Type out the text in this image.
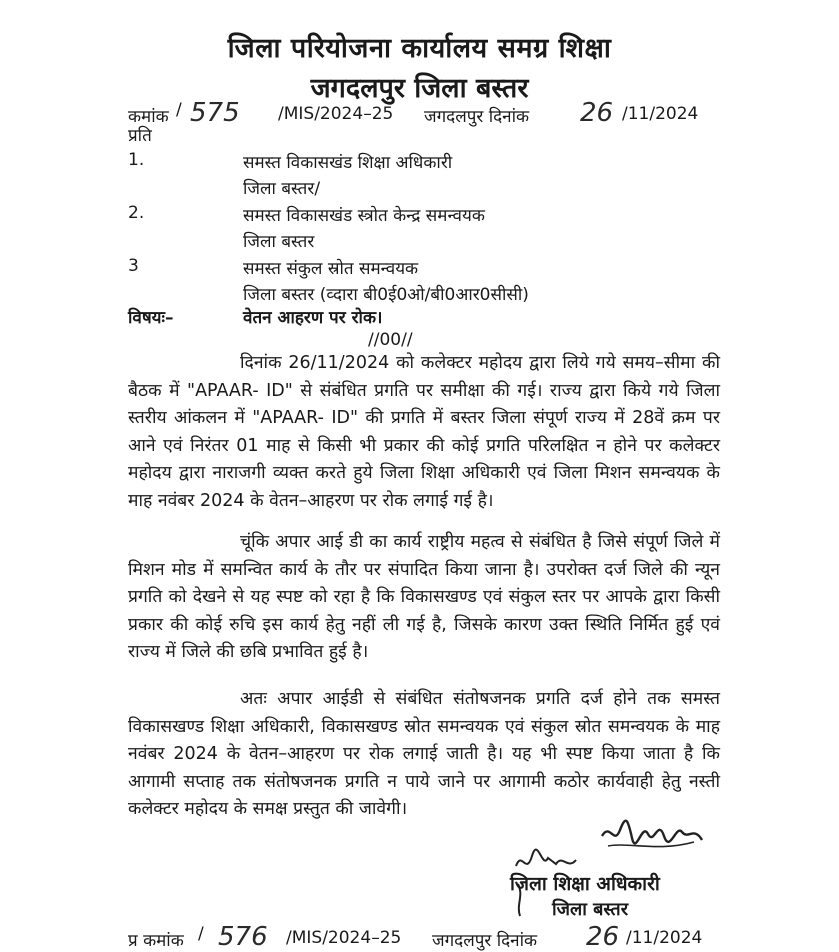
जिला परियोजना कार्यालय समग्र शिक्षा
जगदलपुर जिला बस्तर
कमांक / 575 /MIS/2024–25 जगदलपुर दिनांक 26 /11/2024
प्रति
1.	समस्त विकासखंड शिक्षा अधिकारी
जिला बस्तर/
2.	समस्त विकासखंड स्त्रोत केन्द्र समन्वयक
जिला बस्तर
3	समस्त संकुल स्रोत समन्वयक
जिला बस्तर (व्दारा बी0ई0ओ/बी0आर0सीसी)
विषयः–	वेतन आहरण पर रोक।
//00//
दिनांक 26/11/2024 को कलेक्टर महोदय द्वारा लिये गये समय–सीमा की बैठक में "APAAR- ID" से संबंधित प्रगति पर समीक्षा की गई। राज्य द्वारा किये गये जिला स्तरीय आंकलन में "APAAR- ID" की प्रगति में बस्तर जिला संपूर्ण राज्य में 28वें क्रम पर आने एवं निरंतर 01 माह से किसी भी प्रकार की कोई प्रगति परिलक्षित न होने पर कलेक्टर महोदय द्वारा नाराजगी व्यक्त करते हुये जिला शिक्षा अधिकारी एवं जिला मिशन समन्वयक के माह नवंबर 2024 के वेतन–आहरण पर रोक लगाई गई है।
चूंकि अपार आई डी का कार्य राष्ट्रीय महत्व से संबंधित है जिसे संपूर्ण जिले में मिशन मोड में समन्वित कार्य के तौर पर संपादित किया जाना है। उपरोक्त दर्ज जिले की न्यून प्रगति को देखने से यह स्पष्ट को रहा है कि विकासखण्ड एवं संकुल स्तर पर आपके द्वारा किसी प्रकार की कोई रुचि इस कार्य हेतु नहीं ली गई है, जिसके कारण उक्त स्थिति निर्मित हुई एवं राज्य में जिले की छबि प्रभावित हुई है।
अतः अपार आईडी से संबंधित संतोषजनक प्रगति दर्ज होने तक समस्त विकासखण्ड शिक्षा अधिकारी, विकासखण्ड स्रोत समन्वयक एवं संकुल स्रोत समन्वयक के माह नवंबर 2024 के वेतन–आहरण पर रोक लगाई जाती है। यह भी स्पष्ट किया जाता है कि आगामी सप्ताह तक संतोषजनक प्रगति न पाये जाने पर आगामी कठोर कार्यवाही हेतु नस्ती कलेक्टर महोदय के समक्ष प्रस्तुत की जावेगी।
जिला शिक्षा अधिकारी
जिला बस्तर
प्र कमांक / 576 /MIS/2024–25 जगदलपुर दिनांक 26 /11/2024
